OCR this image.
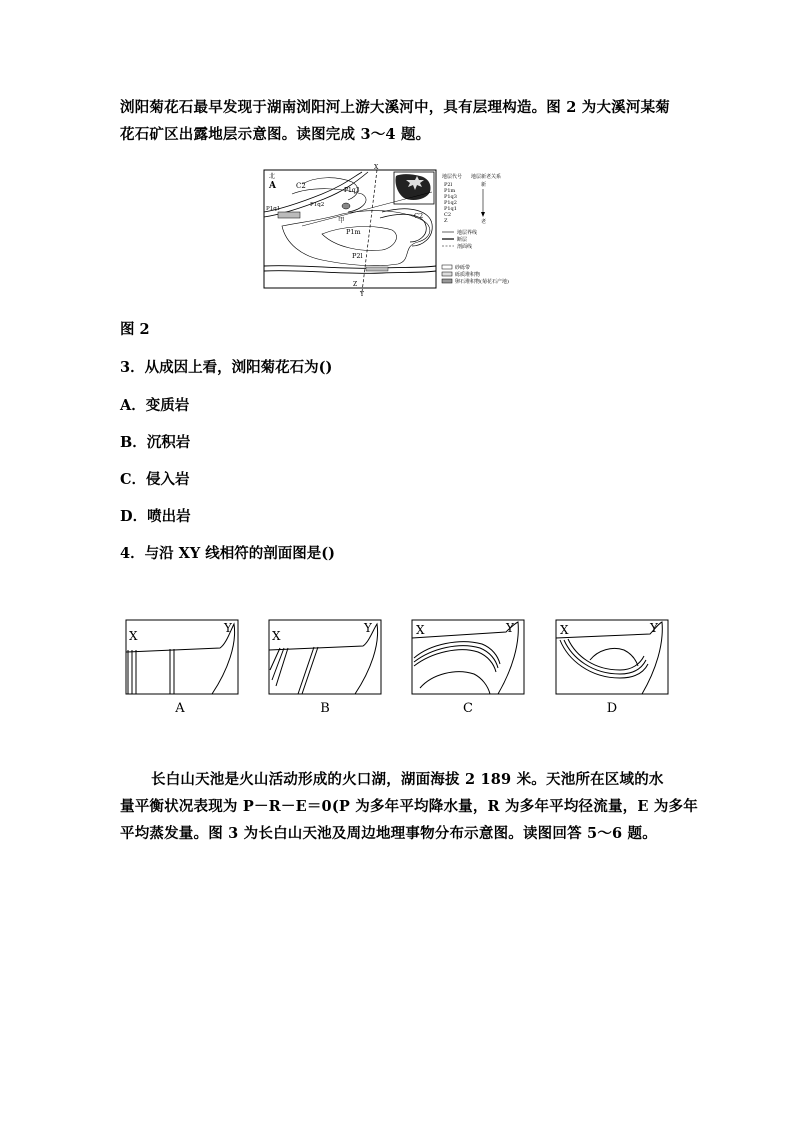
浏阳菊花石最早发现于湖南浏阳河上游大溪河中，具有层理构造。图 2 为大溪河某菊
花石矿区出露地层示意图。读图完成 3～4 题。
北
A
X
Y
C2
P1q3
P1q2
P1q1
P1m
P2l
C2
Z
甲
地层代号 地层新老关系
P2l
P1m
P1q3
P1q2
P1q1
C2
Z
新
老
地层界线
断层
剖面线
砂砾带
砾质堆积物
卵石堆积物(菊花石产地)

图 2

3．从成因上看，浏阳菊花石为()

A．变质岩

B．沉积岩

C．侵入岩

D．喷出岩

4．与沿 XY 线相符的剖面图是()

X
Y
A
X
Y
B
X	Y
C
X	Y
D
长白山天池是火山活动形成的火口湖，湖面海拔 2 189 米。天池所在区域的水
量平衡状况表现为 P－R－E＝0(P 为多年平均降水量，R 为多年平均径流量，E 为多年
平均蒸发量。图 3 为长白山天池及周边地理事物分布示意图。读图回答 5～6 题。
